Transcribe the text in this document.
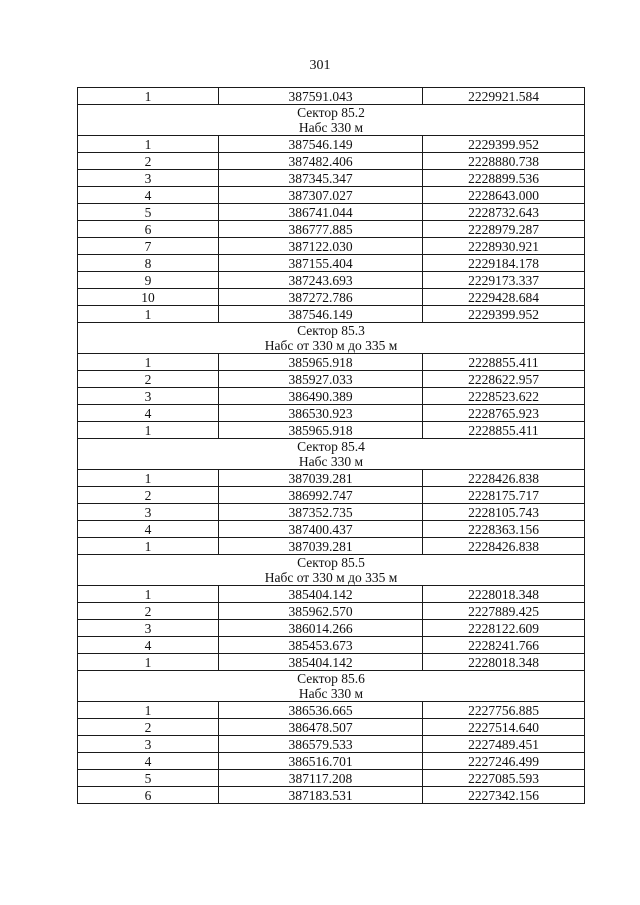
301
1	387591.043	2229921.584

Сектор 85.2
Набс 330 м		

1	387546.149	2229399.952
2	387482.406	2228880.738
3	387345.347	2228899.536
4	387307.027	2228643.000
5	386741.044	2228732.643
6	386777.885	2228979.287
7	387122.030	2228930.921
8	387155.404	2229184.178
9	387243.693	2229173.337
10	387272.786	2229428.684
1	387546.149	2229399.952

Сектор 85.3
Набс от 330 м до 335 м		

1	385965.918	2228855.411
2	385927.033	2228622.957
3	386490.389	2228523.622
4	386530.923	2228765.923
1	385965.918	2228855.411

Сектор 85.4
Набс 330 м		

1	387039.281	2228426.838
2	386992.747	2228175.717
3	387352.735	2228105.743
4	387400.437	2228363.156
1	387039.281	2228426.838

Сектор 85.5
Набс от 330 м до 335 м		

1	385404.142	2228018.348
2	385962.570	2227889.425
3	386014.266	2228122.609
4	385453.673	2228241.766
1	385404.142	2228018.348

Сектор 85.6
Набс 330 м		

1	386536.665	2227756.885
2	386478.507	2227514.640
3	386579.533	2227489.451
4	386516.701	2227246.499
5	387117.208	2227085.593
6	387183.531	2227342.156
